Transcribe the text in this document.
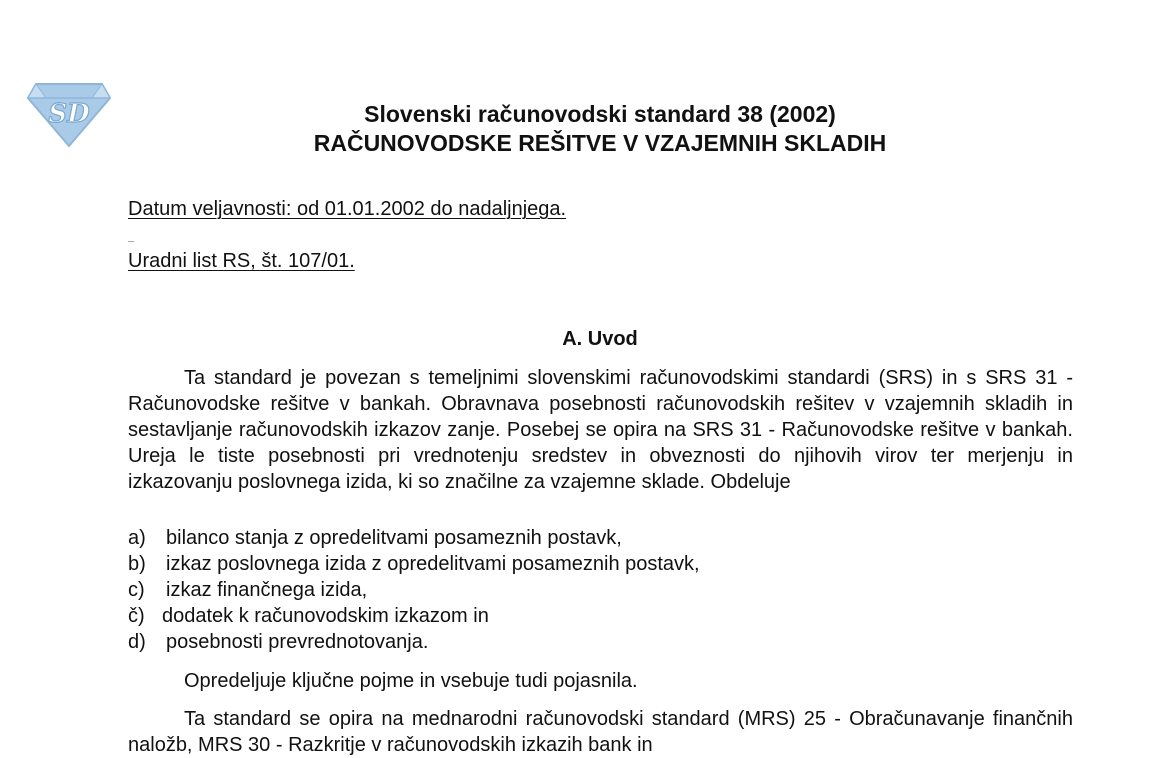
SD	Slovenski računovodski standard 38 (2002)
RAČUNOVODSKE REŠITVE V VZAJEMNIH SKLADIH
Datum veljavnosti: od 01.01.2002 do nadaljnjega.
Uradni list RS, št. 107/01.
A. Uvod
Ta standard je povezan s temeljnimi slovenskimi računovodskimi standardi (SRS) in s SRS 31 - Računovodske rešitve v bankah. Obravnava posebnosti računovodskih rešitev v vzajemnih skladih in sestavljanje računovodskih izkazov zanje. Posebej se opira na SRS 31 - Računovodske rešitve v bankah. Ureja le tiste posebnosti pri vrednotenju sredstev in obveznosti do njihovih virov ter merjenju in izkazovanju poslovnega izida, ki so značilne za vzajemne sklade. Obdeluje
a) bilanco stanja z opredelitvami posameznih postavk,
b) izkaz poslovnega izida z opredelitvami posameznih postavk,
c) izkaz finančnega izida,
č) dodatek k računovodskim izkazom in
d) posebnosti prevrednotovanja.
Opredeljuje ključne pojme in vsebuje tudi pojasnila.
Ta standard se opira na mednarodni računovodski standard (MRS) 25 - Obračunavanje finančnih naložb, MRS 30 - Razkritje v računovodskih izkazih bank in
